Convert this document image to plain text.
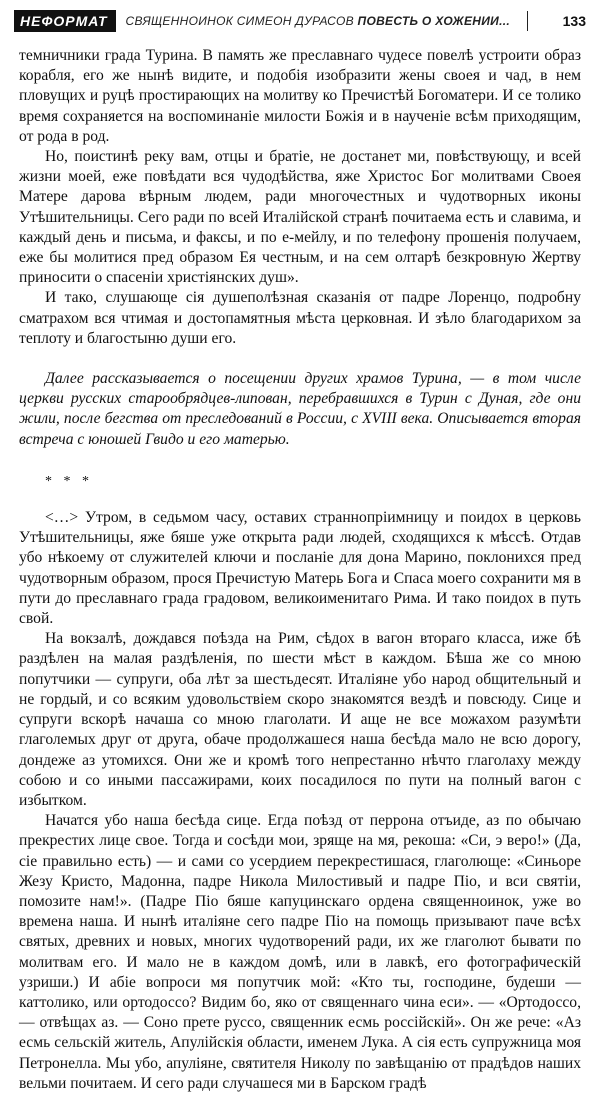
НЕФОРМАТ	СВЯЩЕННОИНОК СИМЕОН ДУРАСОВ ПОВЕСТЬ О ХОЖЕНИИ...	133

темничники града Турина. В память же преславнаго чудесе повелѣ устроити образ корабля, его же нынѣ видите, и подобія изобразити жены своея и чад, в нем пловущих и руцѣ простирающих на молитву ко Пречистѣй Богоматери. И се толико время сохраняется на воспоминаніе милости Божія и в наученіе всѣм приходящим, от рода в род.

Но, поистинѣ реку вам, отцы и братіе, не достанет ми, повѣствующу, и всей жизни моей, еже повѣдати вся чудодѣйства, яже Христос Бог молитвами Своея Матере дарова вѣрным людем, ради многочестных и чудотворных иконы Утѣшительницы. Сего ради по всей Италійской странѣ почитаема есть и славима, и каждый день и письма, и факсы, и по е-мейлу, и по телефону прошенія получаем, еже бы молитися пред образом Ея честным, и на сем олтарѣ безкровную Жертву приносити о спасеніи христіянских душ».

И тако, слушающе сія душеполѣзная сказанія от падре Лоренцо, подробну сматрахом вся чтимая и достопамятныя мѣста церковная. И зѣло благодарихом за теплоту и благостыню души его.

Далее рассказывается о посещении других храмов Турина, — в том числе церкви русских старообрядцев-липован, перебравшихся в Турин с Дуная, где они жили, после бегства от преследований в России, с XVIII века. Описывается вторая встреча с юношей Гвидо и его матерью.

* * *

<…> Утром, в седьмом часу, оставих страннопріимницу и поидох в церковь Утѣшительницы, яже бяше уже открыта ради людей, сходящихся к мѣссѣ. Отдав убо нѣкоему от служителей ключи и посланіе для дона Марино, поклонихся пред чудотворным образом, прося Пречистую Матерь Бога и Спаса моего сохранити мя в пути до преславнаго града градовом, великоименитаго Рима. И тако поидох в путь свой.

На вокзалѣ, дождався поѣзда на Рим, сѣдох в вагон втораго класса, иже бѣ раздѣлен на малая раздѣленія, по шести мѣст в каждом. Бѣша же со мною попутчики — супруги, оба лѣт за шестьдесят. Италіяне убо народ общительный и не гордый, и со всяким удовольствіем скоро знакомятся вездѣ и повсюду. Сице и супруги вскорѣ начаша со мною глаголати. И аще не все можахом разумѣти глаголемых друг от друга, обаче продолжашеся наша бесѣда мало не всю дорогу, дондеже аз утомихся. Они же и кромѣ того непрестанно нѣчто глаголаху между собою и со иными пассажирами, коих посадилося по пути на полный вагон с избытком.

Начатся убо наша бесѣда сице. Егда поѣзд от перрона отъиде, аз по обычаю прекрестих лице свое. Тогда и сосѣди мои, зряще на мя, рекоша: «Си, э веро!» (Да, сіе правильно есть) — и сами со усердием перекрестишася, глаголюще: «Синьоре Жезу Кристо, Мадонна, падре Никола Милостивый и падре Піо, и вси святіи, помозите нам!». (Падре Піо бяше капуцинскаго ордена священноинок, уже во времена наша. И нынѣ италіяне сего падре Піо на помощь призывают паче всѣх святых, древних и новых, многих чудотворений ради, их же глаголют бывати по молитвам его. И мало не в каждом домѣ, или в лавкѣ, его фотографическій узриши.) И абіе вопроси мя попутчик мой: «Кто ты, господине, будеши — каттолико, или ортодоссо? Видим бо, яко от священнаго чина еси». — «Ортодоссо, — отвѣщах аз. — Соно прете руссо, священник есмь россійскій». Он же рече: «Аз есмь сельскій житель, Апулійскія области, именем Лука. А сія есть супружница моя Петронелла. Мы убо, апуліяне, святителя Николу по завѣщанію от прадѣдов наших вельми почитаем. И сего ради случашеся ми в Барском градѣ
